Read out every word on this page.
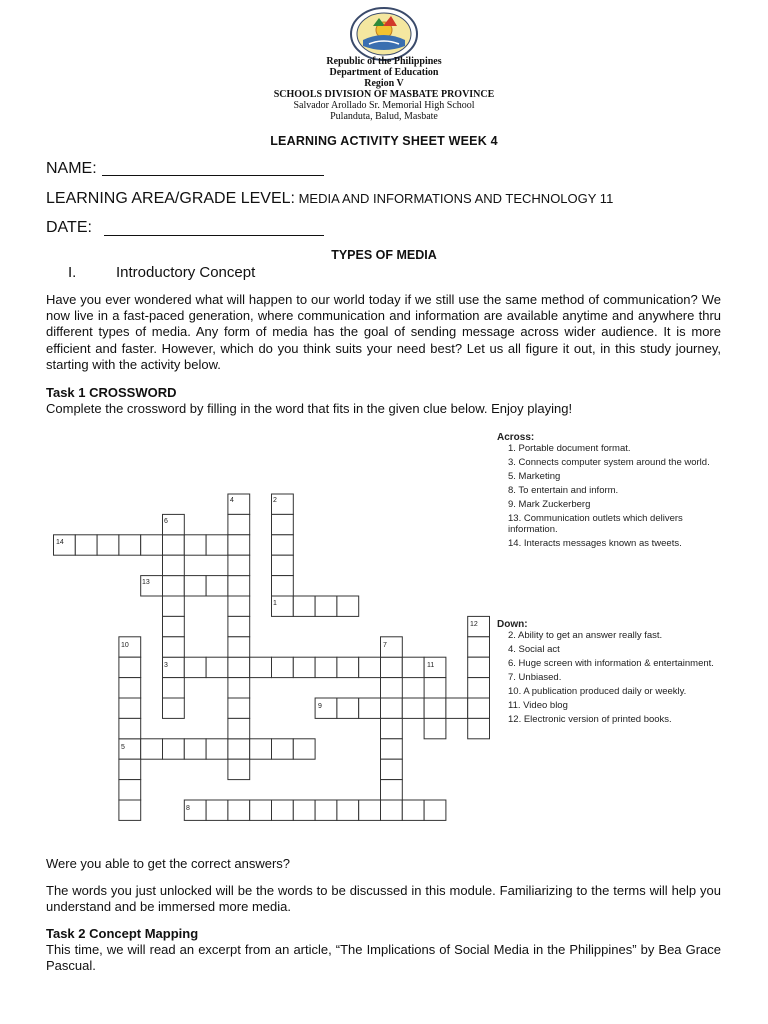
Republic of the Philippines
Department of Education
Region V
SCHOOLS DIVISION OF MASBATE PROVINCE
Salvador Arollado Sr. Memorial High School
Pulanduta, Balud, Masbate
LEARNING ACTIVITY SHEET WEEK 4
NAME:
LEARNING AREA/GRADE LEVEL: MEDIA AND INFORMATIONS AND TECHNOLOGY 11
DATE:
TYPES OF MEDIA
I.	Introductory Concept
Have you ever wondered what will happen to our world today if we still use the same method of communication? We now live in a fast-paced generation, where communication and information are available anytime and anywhere thru different types of media. Any form of media has the goal of sending message across wider audience. It is more efficient and faster. However, which do you think suits your need best? Let us all figure it out, in this study journey, starting with the activity below.
Task 1 CROSSWORD
Complete the crossword by filling in the word that fits in the given clue below. Enjoy playing!
14
6
4	2
13
1
12
10	7
3	11
9
5
8
Across:
1. Portable document format.
3. Connects computer system around the world.
5. Marketing
8. To entertain and inform.
9. Mark Zuckerberg
13. Communication outlets which delivers information.
14. Interacts messages known as tweets.
Down:
2. Ability to get an answer really fast.
4. Social act
6. Huge screen with information & entertainment.
7. Unbiased.
10. A publication produced daily or weekly.
11. Video blog
12. Electronic version of printed books.
Were you able to get the correct answers?
The words you just unlocked will be the words to be discussed in this module. Familiarizing to the terms will help you understand and be immersed more media.
Task 2 Concept Mapping
This time, we will read an excerpt from an article, “The Implications of Social Media in the Philippines” by Bea Grace Pascual.
